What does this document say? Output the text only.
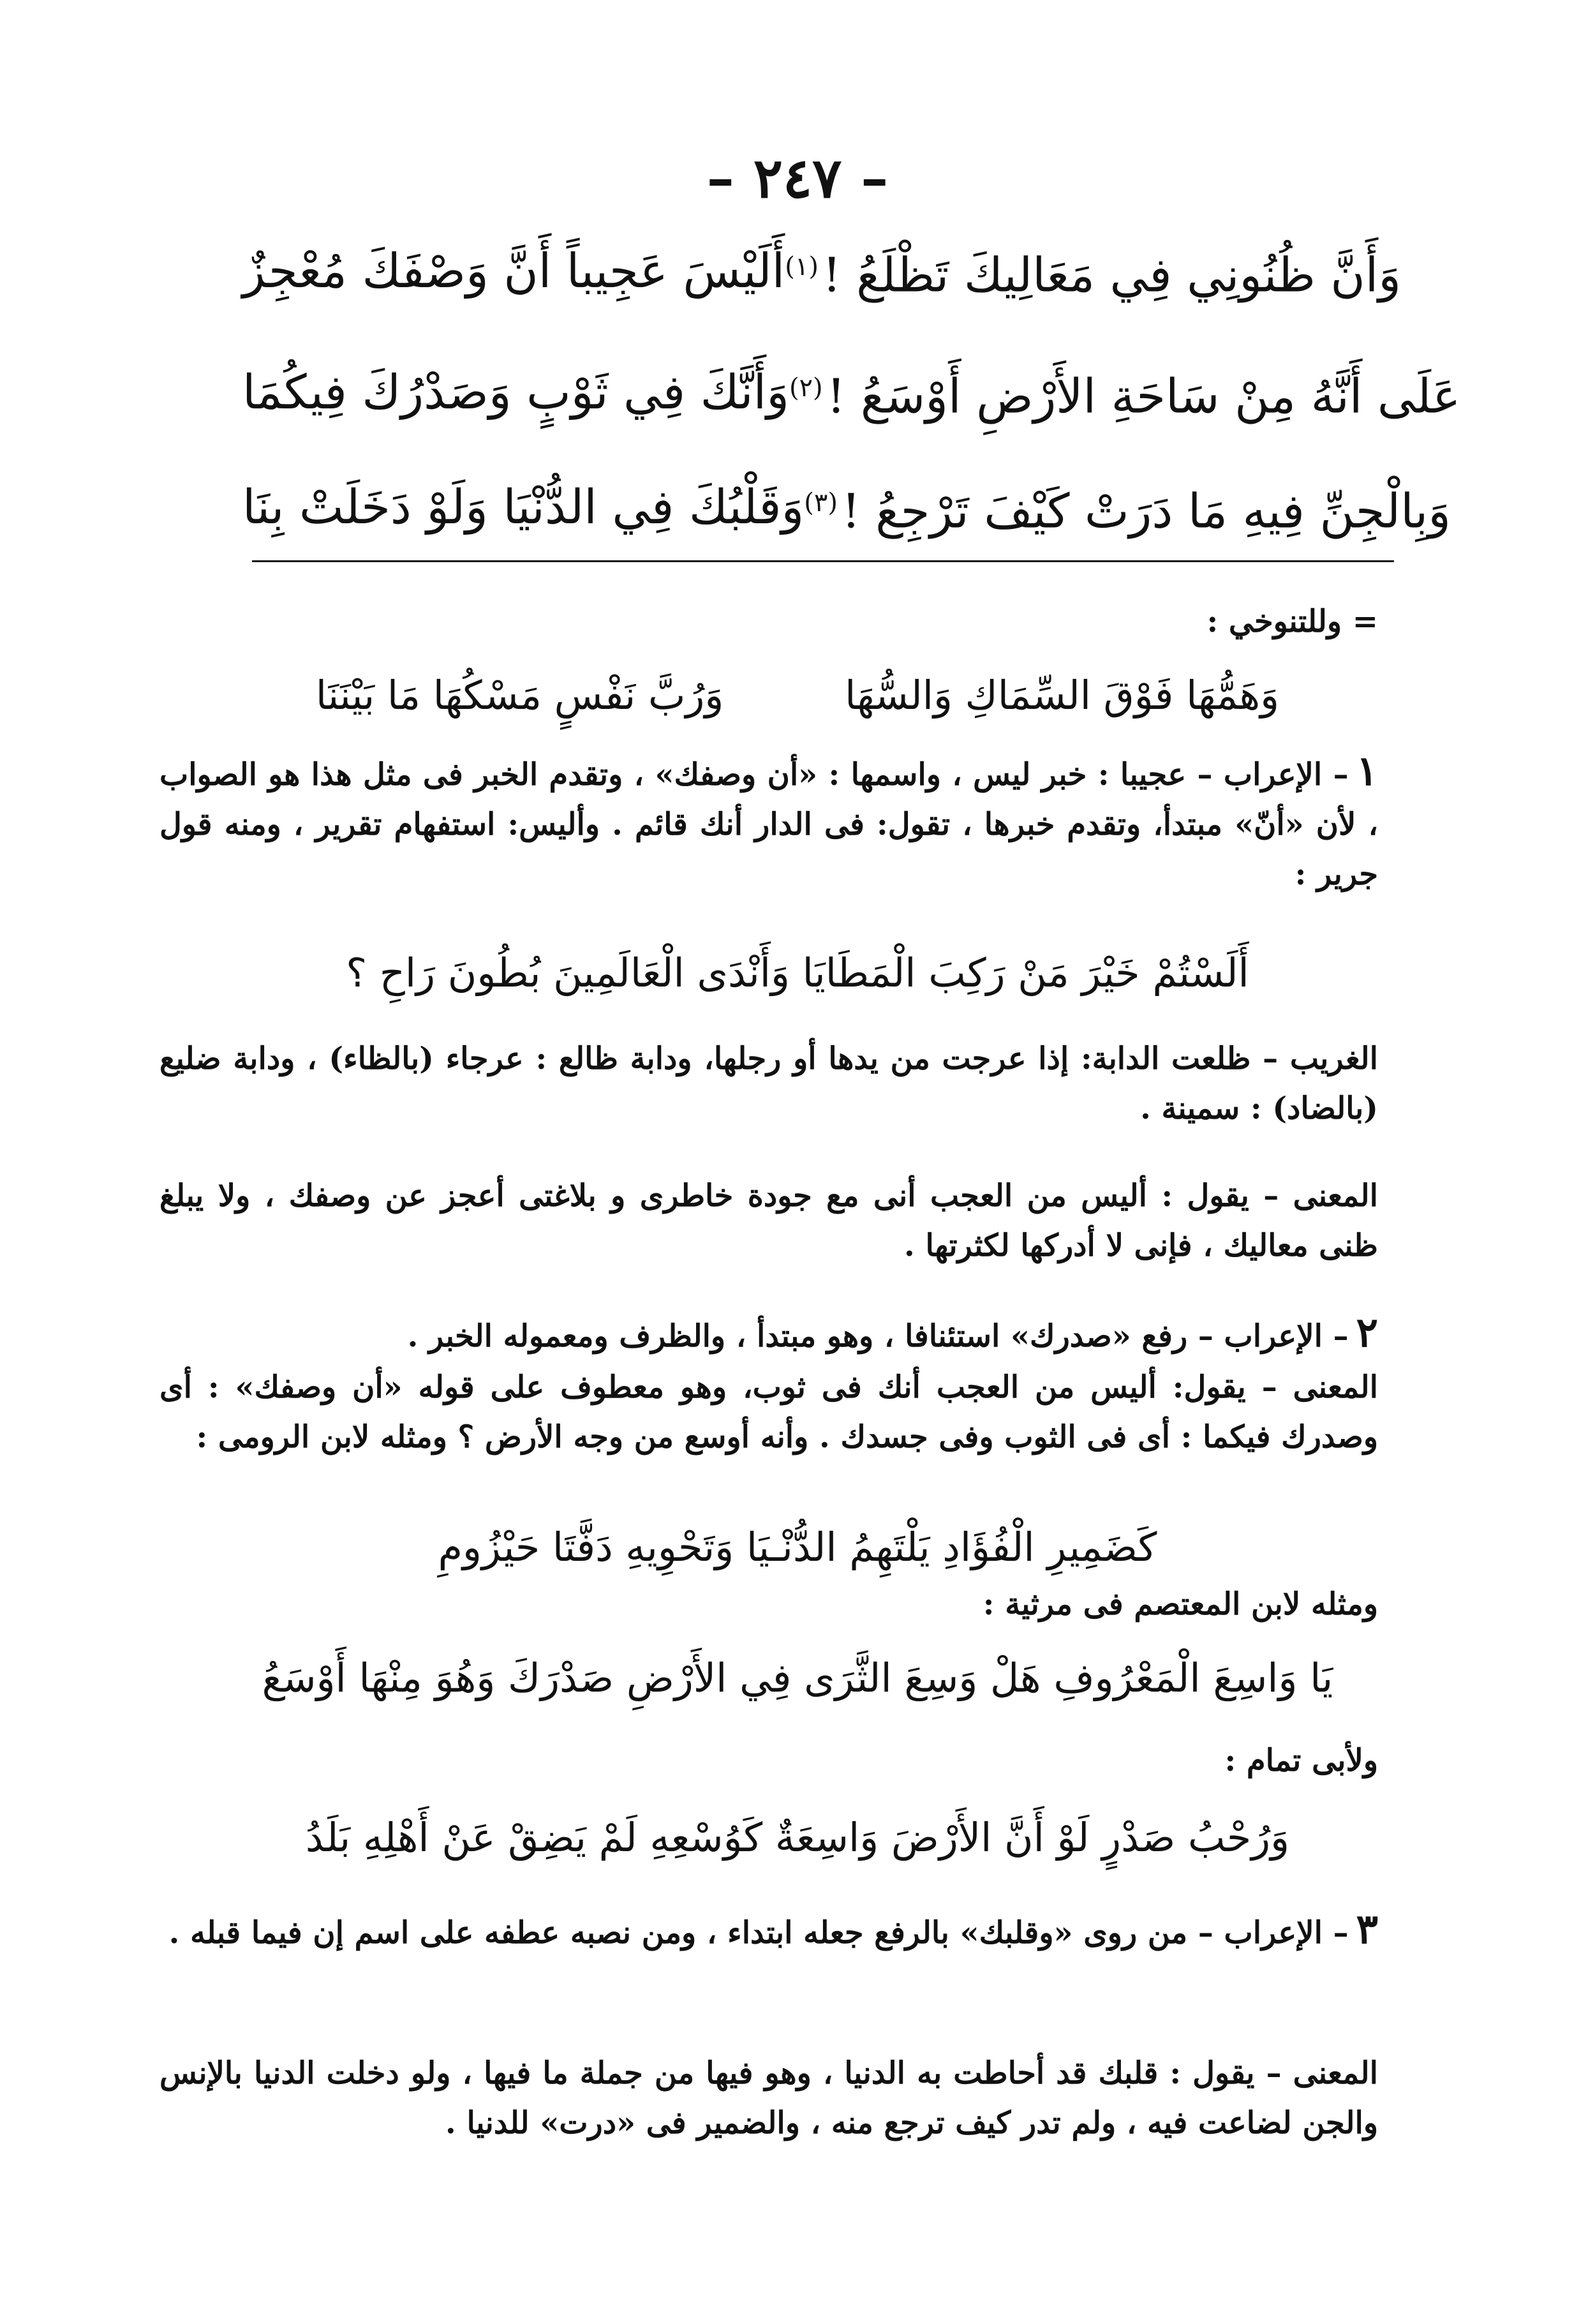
– ٢٤٧ –
أَلَيْسَ عَجِيباً أَنَّ وَصْفَكَ مُعْجِزٌ وَأَنَّ ظُنُونِي فِي مَعَالِيكَ تَظْلَعُ !$^{(١)}$
وَأَنَّكَ فِي ثَوْبٍ وَصَدْرُكَ فِيكُمَا عَلَى أَنَّهُ مِنْ سَاحَةِ الأَرْضِ أَوْسَعُ !$^{(٢)}$
وَقَلْبُكَ فِي الدُّنْيَا وَلَوْ دَخَلَتْ بِنَا وَبِالْجِنِّ فِيهِ مَا دَرَتْ كَيْفَ تَرْجِعُ !$^{(٣)}$
= وللتنوخي :
وَرُبَّ نَفْسٍ مَسْكُهَا مَا بَيْنَنَا	وَهَمُّهَا فَوْقَ السِّمَاكِ وَالسُّهَا
١– الإعراب – عجيبا : خبر ليس ، واسمها : «أن وصفك» ، وتقدم الخبر فى مثل هذا هو الصواب ، لأن «أنّ» مبتدأ، وتقدم خبرها ، تقول: فى الدار أنك قائم . وأليس: استفهام تقرير ، ومنه قول جرير :
أَلَسْتُمْ خَيْرَ مَنْ رَكِبَ الْمَطَايَا وَأَنْدَى الْعَالَمِينَ بُطُونَ رَاحِ ؟
الغريب – ظلعت الدابة: إذا عرجت من يدها أو رجلها، ودابة ظالع : عرجاء (بالظاء) ، ودابة ضليع (بالضاد) : سمينة .
المعنى – يقول : أليس من العجب أنى مع جودة خاطرى و بلاغتى أعجز عن وصفك ، ولا يبلغ ظنى معاليك ، فإنى لا أدركها لكثرتها .
٢– الإعراب – رفع «صدرك» استئنافا ، وهو مبتدأ ، والظرف ومعموله الخبر .
المعنى – يقول: أليس من العجب أنك فى ثوب، وهو معطوف على قوله «أن وصفك» : أى وصدرك فيكما : أى فى الثوب وفى جسدك . وأنه أوسع من وجه الأرض ؟ ومثله لابن الرومى :
كَضَمِيرِ الْفُؤَادِ يَلْتَهِمُ الدُّنْـيَا وَتَحْوِيهِ دَفَّتَا حَيْزُومِ
ومثله لابن المعتصم فى مرثية :
يَا وَاسِعَ الْمَعْرُوفِ هَلْ وَسِعَ الثَّرَى فِي الأَرْضِ صَدْرَكَ وَهُوَ مِنْهَا أَوْسَعُ
ولأبى تمام :
وَرُحْبُ صَدْرٍ لَوْ أَنَّ الأَرْضَ وَاسِعَةٌ كَوُسْعِهِ لَمْ يَضِقْ عَنْ أَهْلِهِ بَلَدُ
٣– الإعراب – من روى «وقلبك» بالرفع جعله ابتداء ، ومن نصبه عطفه على اسم إن فيما قبله .
المعنى – يقول : قلبك قد أحاطت به الدنيا ، وهو فيها من جملة ما فيها ، ولو دخلت الدنيا بالإنس والجن لضاعت فيه ، ولم تدر كيف ترجع منه ، والضمير فى «درت» للدنيا .
